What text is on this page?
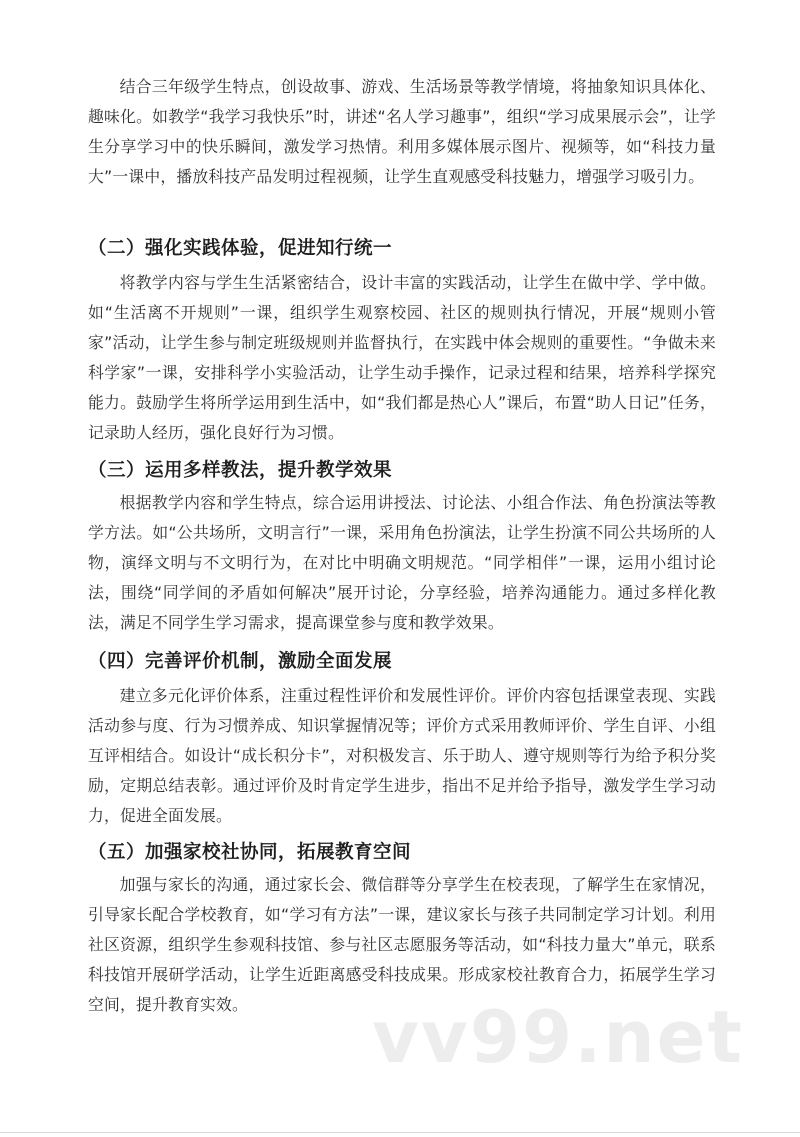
结合三年级学生特点，创设故事、游戏、生活场景等教学情境，将抽象知识具体化、趣味化。如教学“我学习我快乐”时，讲述“名人学习趣事”，组织“学习成果展示会”，让学生分享学习中的快乐瞬间，激发学习热情。利用多媒体展示图片、视频等，如“科技力量大”一课中，播放科技产品发明过程视频，让学生直观感受科技魅力，增强学习吸引力。

（二）强化实践体验，促进知行统一

将教学内容与学生生活紧密结合，设计丰富的实践活动，让学生在做中学、学中做。如“生活离不开规则”一课，组织学生观察校园、社区的规则执行情况，开展“规则小管家”活动，让学生参与制定班级规则并监督执行，在实践中体会规则的重要性。“争做未来科学家”一课，安排科学小实验活动，让学生动手操作，记录过程和结果，培养科学探究能力。鼓励学生将所学运用到生活中，如“我们都是热心人”课后，布置“助人日记”任务，记录助人经历，强化良好行为习惯。

（三）运用多样教法，提升教学效果

根据教学内容和学生特点，综合运用讲授法、讨论法、小组合作法、角色扮演法等教学方法。如“公共场所，文明言行”一课，采用角色扮演法，让学生扮演不同公共场所的人物，演绎文明与不文明行为，在对比中明确文明规范。“同学相伴”一课，运用小组讨论法，围绕“同学间的矛盾如何解决”展开讨论，分享经验，培养沟通能力。通过多样化教法，满足不同学生学习需求，提高课堂参与度和教学效果。

（四）完善评价机制，激励全面发展

建立多元化评价体系，注重过程性评价和发展性评价。评价内容包括课堂表现、实践活动参与度、行为习惯养成、知识掌握情况等；评价方式采用教师评价、学生自评、小组互评相结合。如设计“成长积分卡”，对积极发言、乐于助人、遵守规则等行为给予积分奖励，定期总结表彰。通过评价及时肯定学生进步，指出不足并给予指导，激发学生学习动力，促进全面发展。

（五）加强家校社协同，拓展教育空间

加强与家长的沟通，通过家长会、微信群等分享学生在校表现，了解学生在家情况，引导家长配合学校教育，如“学习有方法”一课，建议家长与孩子共同制定学习计划。利用社区资源，组织学生参观科技馆、参与社区志愿服务等活动，如“科技力量大”单元，联系科技馆开展研学活动，让学生近距离感受科技成果。形成家校社教育合力，拓展学生学习空间，提升教育实效。	vv99.net
